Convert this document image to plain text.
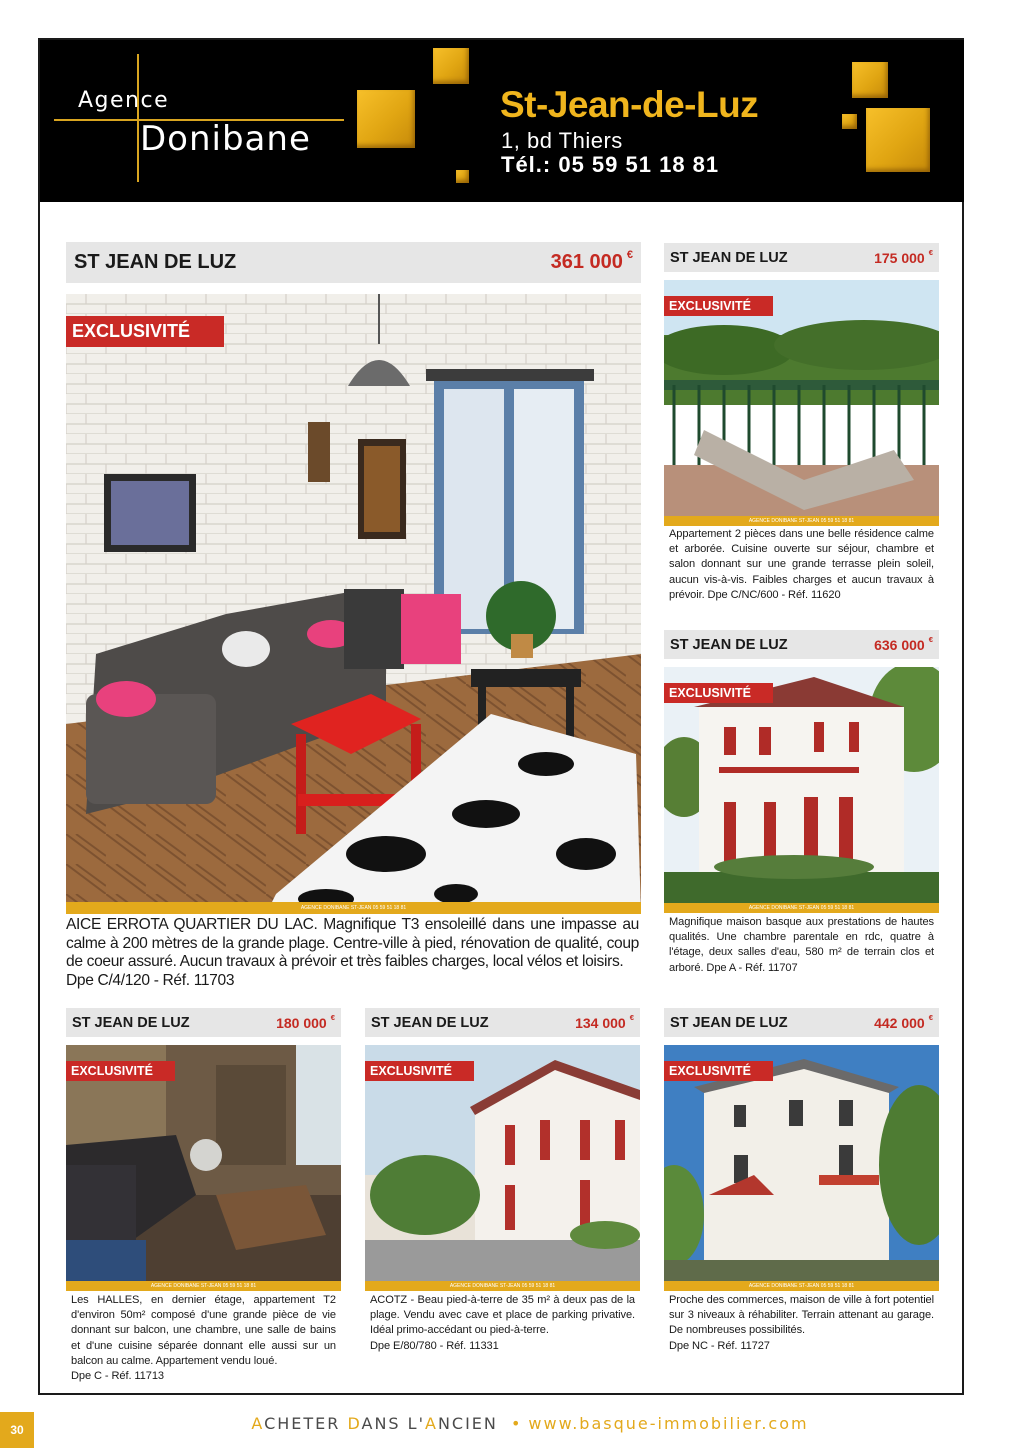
Agence
Donibane
St-Jean-de-Luz
1, bd Thiers
Tél.: 05 59 51 18 81
ST JEAN DE LUZ	361 000 €
EXCLUSIVITÉ
AGENCE DONIBANE ST-JEAN 05 59 51 18 81
AICE ERROTA QUARTIER DU LAC. Magnifique T3 ensoleillé dans une impasse au calme à 200 mètres de la grande plage. Centre-ville à pied, rénovation de qualité, coup de coeur assuré. Aucun travaux à prévoir et très faibles charges, local vélos et loisirs.
Dpe C/4/120 - Réf. 11703
ST JEAN DE LUZ	175 000 €
EXCLUSIVITÉ
AGENCE DONIBANE ST-JEAN 05 59 51 18 81
Appartement 2 pièces dans une belle résidence calme et arborée. Cuisine ouverte sur séjour, chambre et salon donnant sur une grande terrasse plein soleil, aucun vis-à-vis. Faibles charges et aucun travaux à prévoir. Dpe C/NC/600 - Réf. 11620
ST JEAN DE LUZ	636 000 €
EXCLUSIVITÉ
AGENCE DONIBANE ST-JEAN 05 59 51 18 81
Magnifique maison basque aux prestations de hautes qualités. Une chambre parentale en rdc, quatre à l'étage, deux salles d'eau, 580 m² de terrain clos et arboré. Dpe A - Réf. 11707
ST JEAN DE LUZ	180 000 €
EXCLUSIVITÉ
AGENCE DONIBANE ST-JEAN 05 59 51 18 81
Les HALLES, en dernier étage, appartement T2 d'environ 50m² composé d'une grande pièce de vie donnant sur balcon, une chambre, une salle de bains et d'une cuisine séparée donnant elle aussi sur un balcon au calme. Appartement vendu loué.
Dpe C - Réf. 11713
ST JEAN DE LUZ	134 000 €
EXCLUSIVITÉ
AGENCE DONIBANE ST-JEAN 05 59 51 18 81
ACOTZ - Beau pied-à-terre de 35 m² à deux pas de la plage. Vendu avec cave et place de parking privative. Idéal primo-accédant ou pied-à-terre.
Dpe E/80/780 - Réf. 11331
ST JEAN DE LUZ	442 000 €
EXCLUSIVITÉ
AGENCE DONIBANE ST-JEAN 05 59 51 18 81
Proche des commerces, maison de ville à fort potentiel sur 3 niveaux à réhabiliter. Terrain attenant au garage. De nombreuses possibilités.
Dpe NC - Réf. 11727
30	ACHETER DANS L'ANCIEN • www.basque-immobilier.com
